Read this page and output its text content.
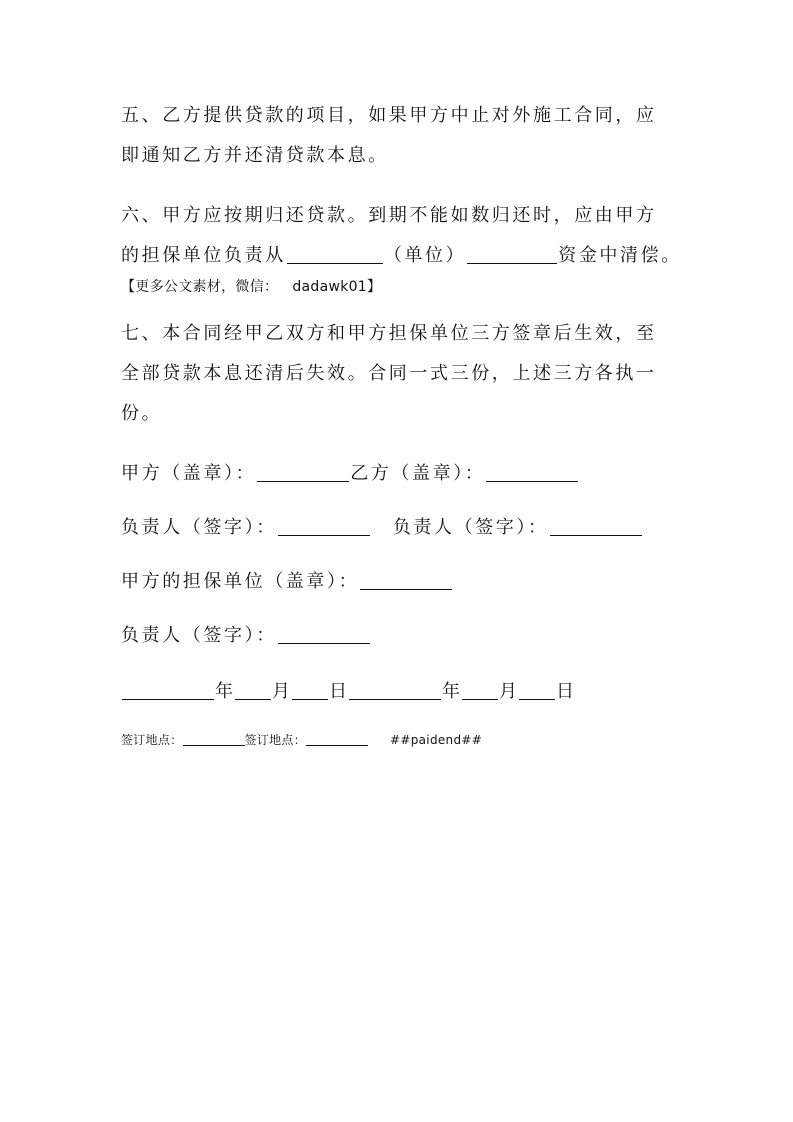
五、乙方提供贷款的项目，如果甲方中止对外施工合同，应
即通知乙方并还清贷款本息。
六、甲方应按期归还贷款。到期不能如数归还时，应由甲方
的担保单位负责从	（单位）	资金中清偿。
【更多公文素材，微信： dadawk01】
七、本合同经甲乙双方和甲方担保单位三方签章后生效，至
全部贷款本息还清后失效。合同一式三份，上述三方各执一
份。
甲方（盖章）：	乙方（盖章）：
负责人（签字）：	负责人（签字）：
甲方的担保单位（盖章）：
负责人（签字）：
年 月 日	年 月 日
签订地点：	签订地点：	##paidend##
